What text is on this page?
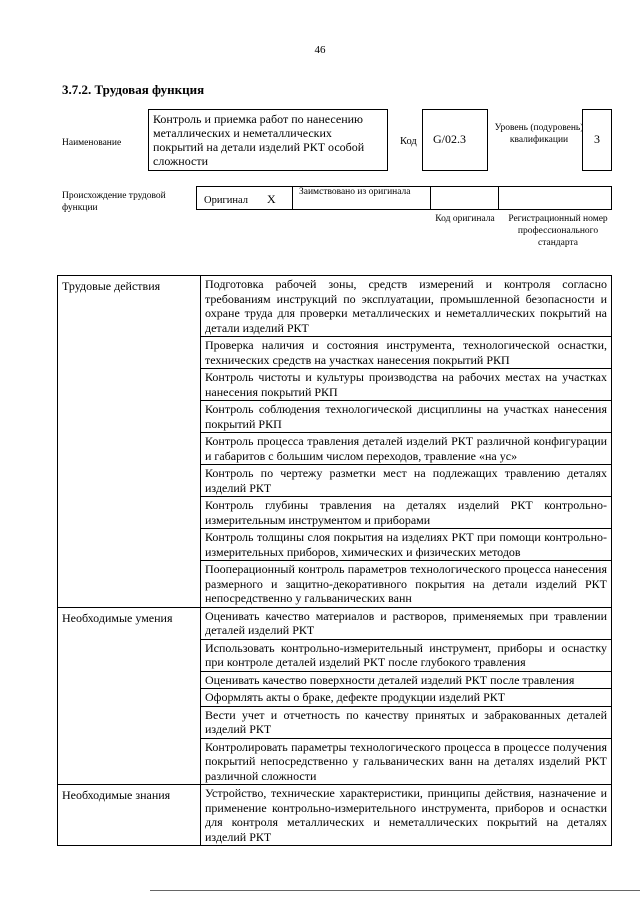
46
3.7.2. Трудовая функция
Наименование
Контроль и приемка работ по нанесению металлических и неметаллических покрытий на детали изделий РКТ особой сложности
Код	G/02.3
Уровень (подуровень) квалификации	3
Происхождение трудовой функции
Оригинал X Заимствовано из оригинала
Код оригинала	Регистрационный номер профессионального стандарта
Трудовые действия	Подготовка рабочей зоны, средств измерений и контроля согласно требованиям инструкций по эксплуатации, промышленной безопасности и охране труда для проверки металлических и неметаллических покрытий на детали изделий РКТ
	Проверка наличия и состояния инструмента, технологической оснастки, технических средств на участках нанесения покрытий РКП
	Контроль чистоты и культуры производства на рабочих местах на участках нанесения покрытий РКП
	Контроль соблюдения технологической дисциплины на участках нанесения покрытий РКП
	Контроль процесса травления деталей изделий РКТ различной конфигурации и габаритов с большим числом переходов, травление «на ус»
	Контроль по чертежу разметки мест на подлежащих травлению деталях изделий РКТ
	Контроль глубины травления на деталях изделий РКТ контрольно-измерительным инструментом и приборами
	Контроль толщины слоя покрытия на изделиях РКТ при помощи контрольно-измерительных приборов, химических и физических методов
	Пооперационный контроль параметров технологического процесса нанесения размерного и защитно-декоративного покрытия на детали изделий РКТ непосредственно у гальванических ванн
Необходимые умения	Оценивать качество материалов и растворов, применяемых при травлении деталей изделий РКТ
	Использовать контрольно-измерительный инструмент, приборы и оснастку при контроле деталей изделий РКТ после глубокого травления
	Оценивать качество поверхности деталей изделий РКТ после травления
	Оформлять акты о браке, дефекте продукции изделий РКТ
	Вести учет и отчетность по качеству принятых и забракованных деталей изделий РКТ
	Контролировать параметры технологического процесса в процессе получения покрытий непосредственно у гальванических ванн на деталях изделий РКТ различной сложности
Необходимые знания	Устройство, технические характеристики, принципы действия, назначение и применение контрольно-измерительного инструмента, приборов и оснастки для контроля металлических и неметаллических покрытий на деталях изделий РКТ
